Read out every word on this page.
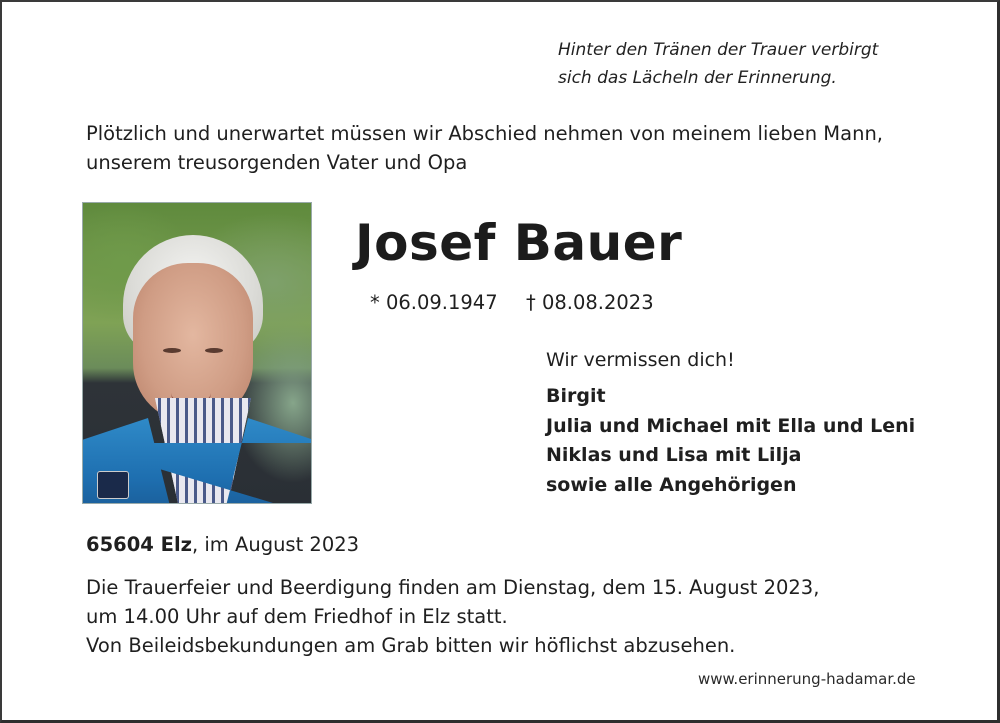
Hinter den Tränen der Trauer verbirgt
sich das Lächeln der Erinnerung.
Plötzlich und unerwartet müssen wir Abschied nehmen von meinem lieben Mann,
unserem treusorgenden Vater und Opa
Josef Bauer
* 06.09.1947 † 08.08.2023
Wir vermissen dich!
Birgit
Julia und Michael mit Ella und Leni
Niklas und Lisa mit Lilja
sowie alle Angehörigen
65604 Elz, im August 2023
Die Trauerfeier und Beerdigung finden am Dienstag, dem 15. August 2023,
um 14.00 Uhr auf dem Friedhof in Elz statt.
Von Beileidsbekundungen am Grab bitten wir höflichst abzusehen.
www.erinnerung-hadamar.de
